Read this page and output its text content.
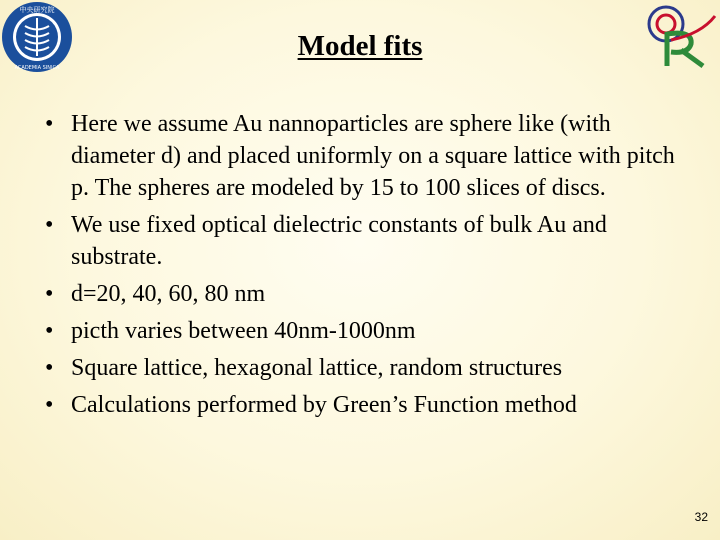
中央研究院
ACADEMIA SINICA
Model fits
• Here we assume Au nannoparticles are sphere like (with diameter d) and placed uniformly on a square lattice with pitch p. The spheres are modeled by 15 to 100 slices of discs.
• We use fixed optical dielectric constants of bulk Au and substrate.
• d=20, 40, 60, 80 nm
• picth varies between 40nm-1000nm
• Square lattice, hexagonal lattice, random structures
• Calculations performed by Green’s Function method
32
